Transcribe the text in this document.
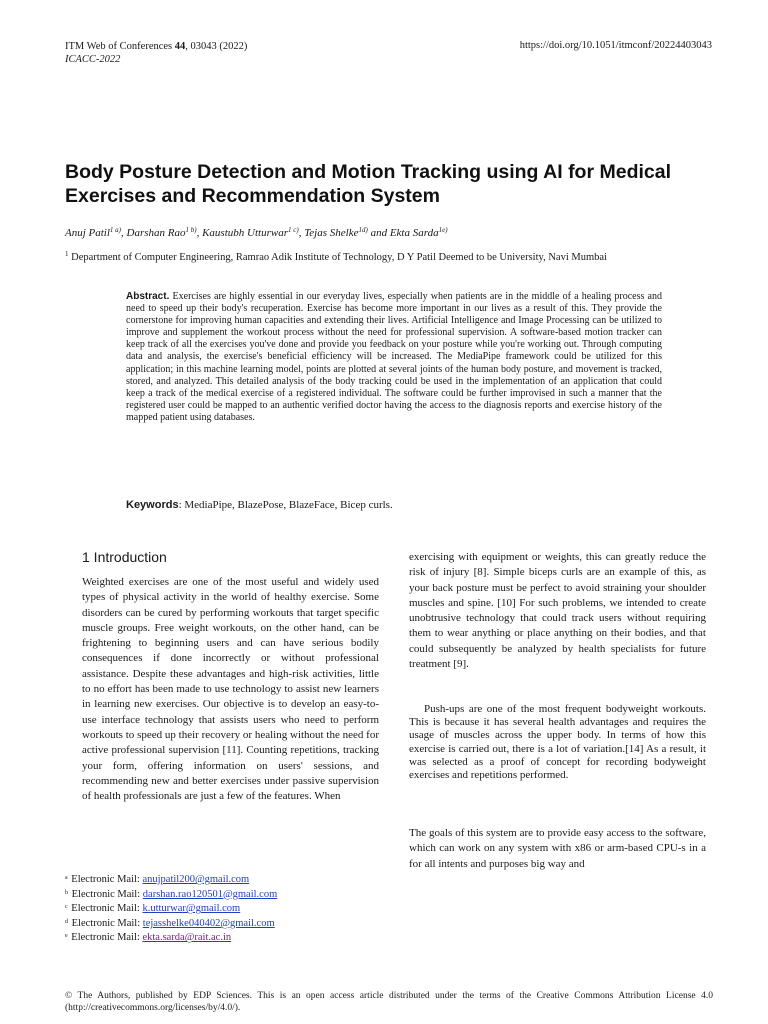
ITM Web of Conferences 44, 03043 (2022)
ICACC-2022
https://doi.org/10.1051/itmconf/20224403043
Body Posture Detection and Motion Tracking using AI for Medical Exercises and Recommendation System
Anuj Patil$^{1 a)}$, Darshan Rao$^{1 b)}$, Kaustubh Utturwar$^{1 c)}$, Tejas Shelke$^{1d)}$ and Ekta Sarda$^{1e)}$
$^1$ Department of Computer Engineering, Ramrao Adik Institute of Technology, D Y Patil Deemed to be University, Navi Mumbai
Abstract. Exercises are highly essential in our everyday lives, especially when patients are in the middle of a healing process and need to speed up their body's recuperation. Exercise has become more important in our lives as a result of this. They provide the cornerstone for improving human capacities and extending their lives. Artificial Intelligence and Image Processing can be utilized to improve and supplement the workout process without the need for professional supervision. A software-based motion tracker can keep track of all the exercises you've done and provide you feedback on your posture while you're working out. Through computing data and analysis, the exercise's beneficial efficiency will be increased. The MediaPipe framework could be utilized for this application; in this machine learning model, points are plotted at several joints of the human body posture, and movement is tracked, stored, and analyzed. This detailed analysis of the body tracking could be used in the implementation of an application that could keep a track of the medical exercise of a registered individual. The software could be further improvised in such a manner that the registered user could be mapped to an authentic verified doctor having the access to the diagnosis reports and exercise history of the mapped patient using databases.
Keywords: MediaPipe, BlazePose, BlazeFace, Bicep curls.
1 Introduction
Weighted exercises are one of the most useful and widely used types of physical activity in the world of healthy exercise. Some disorders can be cured by performing workouts that target specific muscle groups. Free weight workouts, on the other hand, can be frightening to beginning users and can have serious bodily consequences if done incorrectly or without professional assistance. Despite these advantages and high-risk activities, little to no effort has been made to use technology to assist new learners in learning new exercises. Our objective is to develop an easy-to-use interface technology that assists users who need to perform workouts to speed up their recovery or healing without the need for active professional supervision [11]. Counting repetitions, tracking your form, offering information on users' sessions, and recommending new and better exercises under passive supervision of health professionals are just a few of the features. When
exercising with equipment or weights, this can greatly reduce the risk of injury [8]. Simple biceps curls are an example of this, as your back posture must be perfect to avoid straining your shoulder muscles and spine. [10] For such problems, we intended to create unobtrusive technology that could track users without requiring them to wear anything or place anything on their bodies, and that could subsequently be analyzed by health specialists for future treatment [9].
Push-ups are one of the most frequent bodyweight workouts. This is because it has several health advantages and requires the usage of muscles across the upper body. In terms of how this exercise is carried out, there is a lot of variation.[14] As a result, it was selected as a proof of concept for recording bodyweight exercises and repetitions performed.
The goals of this system are to provide easy access to the software, which can work on any system with x86 or arm-based CPU-s in a for all intents and purposes big way and
$^a$ Electronic Mail: anujpatil200@gmail.com
$^b$ Electronic Mail: darshan.rao120501@gmail.com
$^c$ Electronic Mail: k.utturwar@gmail.com
$^d$ Electronic Mail: tejasshelke040402@gmail.com
$^e$ Electronic Mail: ekta.sarda@rait.ac.in
© The Authors, published by EDP Sciences. This is an open access article distributed under the terms of the Creative Commons Attribution License 4.0 (http://creativecommons.org/licenses/by/4.0/).
